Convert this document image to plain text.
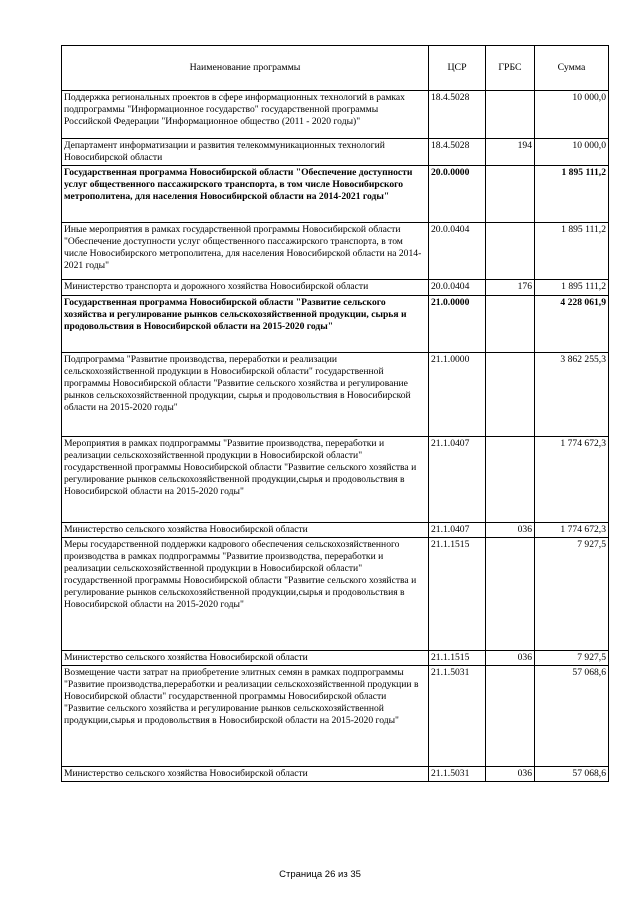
Наименование программы	ЦСР	ГРБС	Сумма
Поддержка региональных проектов в сфере информационных технологий в рамках подпрограммы "Информационное государство" государственной программы Российской Федерации "Информационное общество (2011 - 2020 годы)"	18.4.5028		10 000,0
Департамент информатизации и развития телекоммуникационных технологий Новосибирской области	18.4.5028	194	10 000,0
Государственная программа Новосибирской области "Обеспечение доступности услуг общественного пассажирского транспорта, в том числе Новосибирского метрополитена, для населения Новосибирской области на 2014-2021 годы"	20.0.0000		1 895 111,2
Иные мероприятия в рамках государственной программы Новосибирской области "Обеспечение доступности услуг общественного пассажирского транспорта, в том числе Новосибирского метрополитена, для населения Новосибирской области на 2014-2021 годы"	20.0.0404		1 895 111,2
Министерство транспорта и дорожного хозяйства Новосибирской области	20.0.0404	176	1 895 111,2
Государственная программа Новосибирской области "Развитие сельского хозяйства и регулирование рынков сельскохозяйственной продукции, сырья и продовольствия в Новосибирской области на 2015-2020 годы"	21.0.0000		4 228 061,9
Подпрограмма "Развитие производства, переработки и реализации сельскохозяйственной продукции в Новосибирской области" государственной программы Новосибирской области "Развитие сельского хозяйства и регулирование рынков сельскохозяйственной продукции, сырья и продовольствия в Новосибирской области на 2015-2020 годы"	21.1.0000		3 862 255,3
Мероприятия в рамках подпрограммы "Развитие производства, переработки и реализации сельскохозяйственной продукции в Новосибирской области" государственной программы Новосибирской области "Развитие сельского хозяйства и регулирование рынков сельскохозяйственной продукции,сырья и продовольствия в Новосибирской области на 2015-2020 годы"	21.1.0407		1 774 672,3
Министерство сельского хозяйства Новосибирской области	21.1.0407	036	1 774 672,3
Меры государственной поддержки кадрового обеспечения сельскохозяйственного производства в рамках подпрограммы "Развитие производства, переработки и реализации сельскохозяйственной продукции в Новосибирской области" государственной программы Новосибирской области "Развитие сельского хозяйства и регулирование рынков сельскохозяйственной продукции,сырья и продовольствия в Новосибирской области на 2015-2020 годы"	21.1.1515		7 927,5
Министерство сельского хозяйства Новосибирской области	21.1.1515	036	7 927,5
Возмещение части затрат на приобретение элитных семян в рамках подпрограммы "Развитие производства,переработки и реализации сельскохозяйственной продукции в Новосибирской области" государственной программы Новосибирской области "Развитие сельского хозяйства и регулирование рынков сельскохозяйственной продукции,сырья и продовольствия в Новосибирской области на 2015-2020 годы"	21.1.5031		57 068,6
Министерство сельского хозяйства Новосибирской области	21.1.5031	036	57 068,6
Страница 26 из 35
